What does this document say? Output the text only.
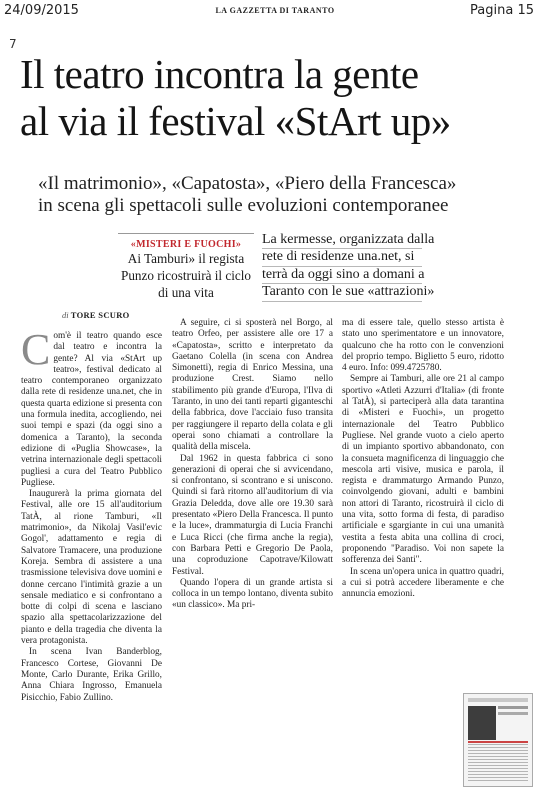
24/09/2015	LA GAZZETTA DI TARANTO	Pagina 15
7
Il teatro incontra la gente
al via il festival «StArt up»
«Il matrimonio», «Capatosta», «Piero della Francesca»
in scena gli spettacoli sulle evoluzioni contemporanee
«MISTERI E FUOCHI»
Ai Tamburi» il regista
Punzo ricostruirà il ciclo
di una vita
La kermesse, organizzata dalla
rete di residenze una.net, si
terrà da oggi sino a domani a
Taranto con le sue «attrazioni»
di TORE SCURO

Com'è il teatro quando esce dal teatro e incontra la gente? Al via «StArt up teatro», festival dedicato al teatro contemporaneo organizzato dalla rete di residenze una.net, che in questa quarta edizione si presenta con una formula inedita, accogliendo, nei suoi tempi e spazi (da oggi sino a domenica a Taranto), la seconda edizione di «Puglia Showcase», la vetrina internazionale degli spettacoli pugliesi a cura del Teatro Pubblico Pugliese.

Inaugurerà la prima giornata del Festival, alle ore 15 all'auditorium TatÀ, al rione Tamburi, «Il matrimonio», da Nikolaj Vasil'evic Gogol', adattamento e regia di Salvatore Tramacere, una produzione Koreja. Sembra di assistere a una trasmissione televisiva dove uomini e donne cercano l'intimità grazie a un sensale mediatico e si confrontano a botte di colpi di scena e lasciano spazio alla spettacolarizzazione del pianto e della tragedia che diventa la vera protagonista.

In scena Ivan Banderblog, Francesco Cortese, Giovanni De Monte, Carlo Durante, Erika Grillo, Anna Chiara Ingrosso, Emanuela Pisicchio, Fabio Zullino.

A seguire, ci si sposterà nel Borgo, al teatro Orfeo, per assistere alle ore 17 a «Capatosta», scritto e interpretato da Gaetano Colella (in scena con Andrea Simonetti), regia di Enrico Messina, una produzione Crest. Siamo nello stabilimento più grande d'Europa, l'Ilva di Taranto, in uno dei tanti reparti giganteschi della fabbrica, dove l'acciaio fuso transita per raggiungere il reparto della colata e gli operai sono chiamati a controllare la qualità della miscela.

Dal 1962 in questa fabbrica ci sono generazioni di operai che si avvicendano, si confrontano, si scontrano e si uniscono. Quindi si farà ritorno all'auditorium di via Grazia Deledda, dove alle ore 19.30 sarà presentato «Piero Della Francesca. Il punto e la luce», drammaturgia di Lucia Franchi e Luca Ricci (che firma anche la regia), con Barbara Petti e Gregorio De Paola, una coproduzione Capotrave/Kilowatt Festival.

Quando l'opera di un grande artista si colloca in un tempo lontano, diventa subito «un classico». Ma pri-

ma di essere tale, quello stesso artista è stato uno sperimentatore e un innovatore, qualcuno che ha rotto con le convenzioni del proprio tempo. Biglietto 5 euro, ridotto 4 euro. Info: 099.4725780.

Sempre ai Tamburi, alle ore 21 al campo sportivo «Atleti Azzurri d'Italia» (di fronte al TatÀ), si parteciperà alla data tarantina di «Misteri e Fuochi», un progetto internazionale del Teatro Pubblico Pugliese. Nel grande vuoto a cielo aperto di un impianto sportivo abbandonato, con la consueta magnificenza di linguaggio che mescola arti visive, musica e parola, il regista e drammaturgo Armando Punzo, coinvolgendo giovani, adulti e bambini non attori di Taranto, ricostruirà il ciclo di una vita, sotto forma di festa, di paradiso artificiale e sgargiante in cui una umanità vestita a festa abita una collina di croci, proponendo "Paradiso. Voi non sapete la sofferenza dei Santi".

In scena un'opera unica in quattro quadri, a cui si potrà accedere liberamente e che annuncia emozioni.
